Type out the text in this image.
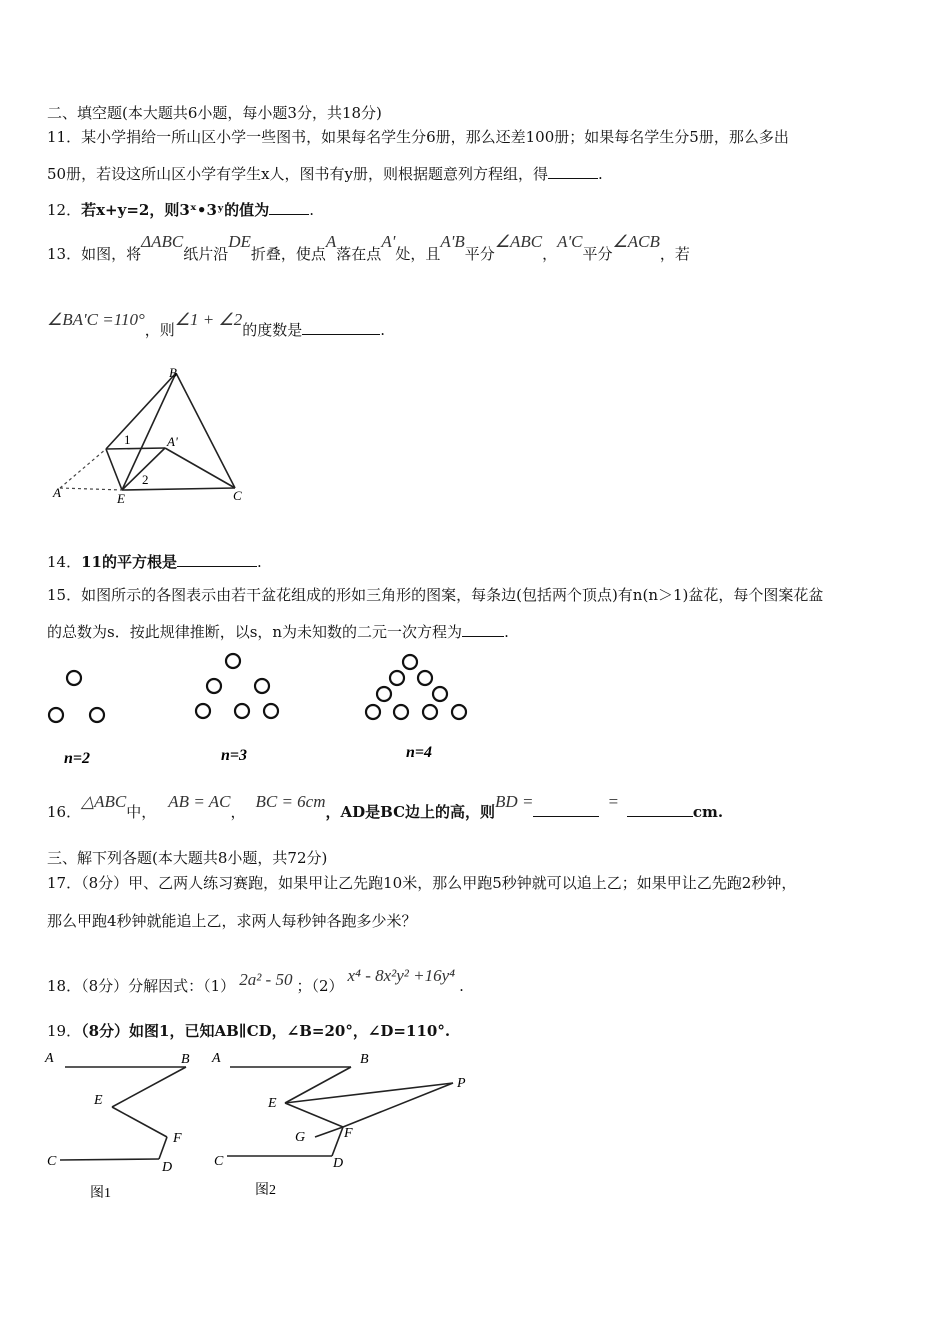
二、填空题(本大题共6小题，每小题3分，共18分)
11．某小学捐给一所山区小学一些图书，如果每名学生分6册，那么还差100册；如果每名学生分5册，那么多出
50册，若设这所山区小学有学生x人，图书有y册，则根据题意列方程组，得	.
12．若x+y=2，则3ˣ•3ʸ的值为	.
13．如图，将ΔABC纸片沿DE折叠，使点A落在点A'处，且A'B平分∠ABC，A'C平分∠ACB，若
∠BA'C =110°，则∠1 + ∠2的度数是	.
B
1	A'
2
A	E	C
14．11的平方根是	.
15．如图所示的各图表示由若干盆花组成的形如三角形的图案，每条边(包括两个顶点)有n(n＞1)盆花，每个图案花盆
的总数为s．按此规律推断，以s，n为未知数的二元一次方程为	.
n=2	n=3	n=4
16．△ABC中，AB = AC，BC = 6cm，AD是BC边上的高，则BD =	=cm.
三、解下列各题(本大题共8小题，共72分)
17．（8分）甲、乙两人练习赛跑，如果甲让乙先跑10米，那么甲跑5秒钟就可以追上乙；如果甲让乙先跑2秒钟，
那么甲跑4秒钟就能追上乙，求两人每秒钟各跑多少米？
18．（8分）分解因式：（1） 2a² - 50 ；（2）x⁴ - 8x²y² +16y⁴.
19．（8分）如图1，已知AB∥CD，∠B=20°，∠D=110°.
A	B
E
F
C	D
图1
A	B
E
P
G	F
C	D
图2
